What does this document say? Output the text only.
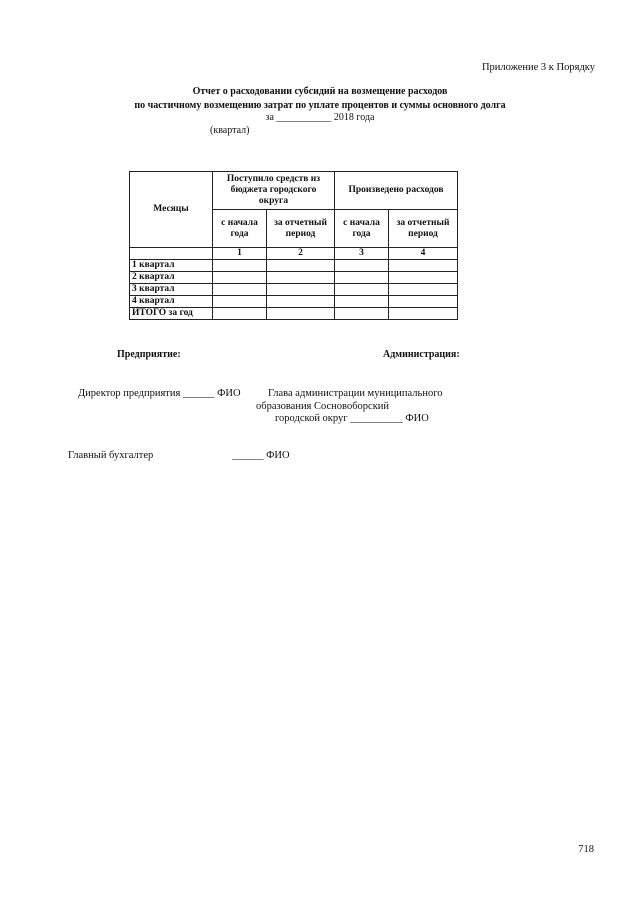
Приложение 3 к Порядку
Отчет о расходовании субсидий на возмещение расходов
по частичному возмещению затрат по уплате процентов и суммы основного долга
за ___________ 2018 года
(квартал)
Месяцы	Поступило средств из бюджета городского округа		Произведено расходов	
	с начала года	за отчетный период	с начала года	за отчетный период
	1	2	3	4
1 квартал				
2 квартал				
3 квартал				
4 квартал				
ИТОГО за год				
Предприятие:	Администрация:
Директор предприятия ______ ФИО	Глава администрации муниципального
образования Сосновоборский
городской округ __________ ФИО
Главный бухгалтер	______ ФИО
718
